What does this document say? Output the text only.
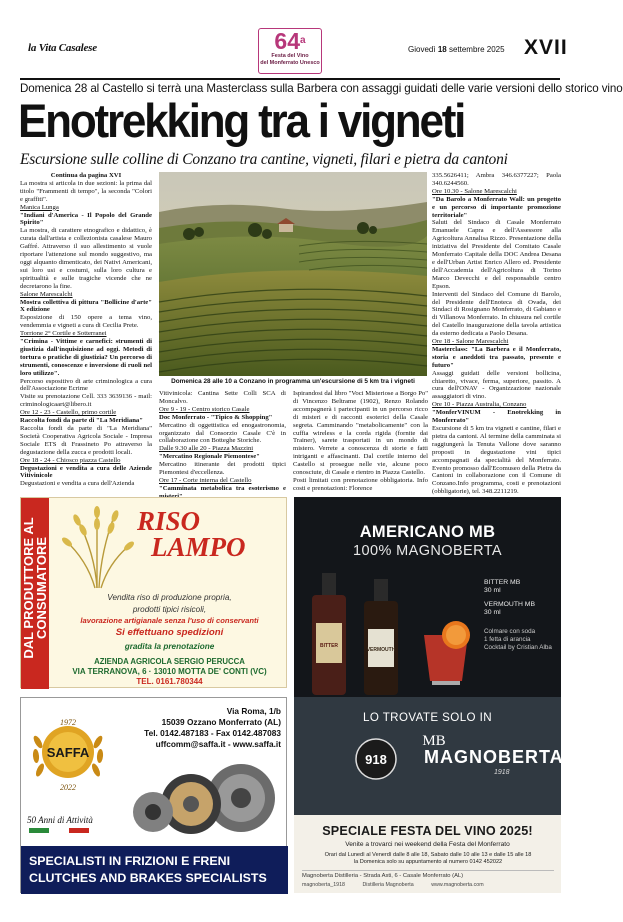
la Vita Casalese	64$^a$
Festa del Vino
del Monferrato Unesco
Giovedì 18 settembre 2025 XVII
Domenica 28 al Castello si terrà una Masterclass sulla Barbera con assaggi guidati delle varie versioni dello storico vino
Enotrekking tra i vigneti
Escursione sulle colline di Conzano tra cantine, vigneti, filari e pietra da cantoni

Continua da pagina XVI

La mostra si articola in due sezioni: la prima dal titolo "Frammenti di tempo", la seconda "Colori e graffiti".

Manica Lunga

"Indiani d'America - Il Popolo del Grande Spirito"

La mostra, di carattere etnografico e didattico, è curata dall'artista e collezionista casalese Mauro Gaffré. Attraverso il suo allestimento si vuole riportare l'attenzione sul mondo suggestivo, ma oggi alquanto dimenticato, dei Nativi Americani, sui loro usi e costumi, sulla loro cultura e spiritualità e sulle tragiche vicende che ne decretarono la fine.

Salone Marescalchi

Mostra collettiva di pittura "Bollicine d'arte" X edizione

Esposizione di 150 opere a tema vino, vendemmia e vigneti a cura di Cecilia Prete.

Torrione 2° Cortile e Sotterranei

"Crimina - Vittime e carnefici: strumenti di giustizia dall'inquisizione ad oggi. Metodi di tortura o pratiche di giustizia? Un percorso di strumenti, conoscenze e inversione di ruoli nel loro utilizzo".

Percorso espositivo di arte criminologica a cura dell'Associazione Ecrime

Visite su prenotazione Cell. 333 3639136 - mail: criminologicaart@libero.it

Ore 12 - 23 - Castello, primo cortile

Raccolta fondi da parte di "La Meridiana"

Raccolta fondi da parte di "La Meridiana" Società Cooperativa Agricola Sociale - Impresa Sociale ETS di Frassineto Po attraverso la degustazione della zucca e prodotti locali.

Ore 18 - 24 - Chiosco piazza Castello

Degustazioni e vendita a cura delle Aziende Vitivinicole

Degustazioni e vendita a cura dell'Azienda

Domenica 28 alle 10 a Conzano in programma un'escursione di 5 km tra i vigneti

Vitivinicola: Cantina Sette Colli SCA di Moncalvo.

Ore 9 - 19 - Centro storico Casale

Doc Monferrato - "Tipico & Shopping"

Mercatino di oggettistica ed enogastronomia, organizzato dal Consorzio Casale C'è in collaborazione con Botteghe Storiche.

Dalle 9.30 alle 20 - Piazza Mazzini

"Mercatino Regionale Piemontese"

Mercatino itinerante dei prodotti tipici Piemontesi d'eccellenza.

Ore 17 - Corte interna del Castello

"Camminata metabolica tra esoterismo e

Ispirandosi dal libro "Voci Misteriose a Borgo Po" di Vincenzo Beltrame (1902), Renzo Rolando accompagnerà i partecipanti in un percorso ricco di misteri e di racconti esoterici della Casale segreta. Camminando "metabolicamente" con la cuffia wireless e la corda rigida (fornite dai Trainer), sarete trasportati in un mondo di mistero. Verrete a conoscenza di storie e fatti intriganti e affascinanti. Dal cortile interno del Castello si prosegue nelle vie, alcune poco conosciute, di Casale e rientro in Piazza Castello.

Posti limitati con prenotazione obbligatoria. Info costi e prenotazioni: Florence

335.5626411; Ambra 346.6377227; Paola 340.6244560.

Ore 10.30 - Salone Marescalchi

"Da Barolo a Monferrato Wall: un progetto e un percorso di importante promozione territoriale"

Saluti del Sindaco di Casale Monferrato Emanuele Capra e dell'Assessore alla Agricoltura Annalisa Rizzo. Presentazione della iniziativa del Presidente del Comitato Casale Monferrato Capitale della DOC Andrea Desana e dell'Urban Artist Enrico Allero ed. Presidente dell'Accademia dell'Agricoltura di Torino Marco Devecchi e del responsabile centro Epson.

Interventi del Sindaco del Comune di Barolo, del Presidente dell'Enoteca di Ovada, dei Sindaci di Rosignano Monferrato, di Gabiano e di Villanova Monferrato. In chiusura nel cortile del Castello inaugurazione della tavola artistica da esterno dedicata a Paolo Desana.

Ore 18 - Salone Marescalchi

Masterclass: "La Barbera e il Monferrato, storia e aneddoti tra passato, presente e futuro"

Assaggi guidati delle versioni bollicina, chiaretto, vivace, ferma, superiore, passito. A cura dell'ONAV - Organizzazione nazionale assaggiatori di vino.

Ore 10 - Piazza Australia, Conzano

"MonferVINUM - Enotrekking in Monferrato"

Escursione di 5 km tra vigneti e cantine, filari e pietra da cantoni. Al termine della camminata si raggiungerà la Tenuta Vallone dove saranno proposti in degustazione vini tipici accompagnati da specialità del Monferrato. Evento promosso dall'Ecomuseo della Pietra da Cantoni in collaborazione con il Comune di Conzano.Info programma, costi e prenotazioni (obbligatorie), tel. 348.2211219.

DAL PRODUTTORE AL CONSUMATORE
RISO
LAMPO
Vendita riso di produzione propria,
prodotti tipici risicoli,
lavorazione artigianale senza l'uso di conservanti
Si effettuano spedizioni
gradita la prenotazione
AZIENDA AGRICOLA SERGIO PERUCCA
VIA TERRANOVA, 6 · 13010 MOTTA DE' CONTI (VC)
TEL. 0161.780344
1972
SAFFA
2022
Via Roma, 1/b
15039 Ozzano Monferrato (AL)
Tel. 0142.487183 - Fax 0142.487083
uffcomm@saffa.it - www.saffa.it
50 Anni di Attività
SPECIALISTI IN FRIZIONI E FRENI
CLUTCHES AND BRAKES SPECIALISTS
AMERICANO MB
100% MAGNOBERTA
BITTER
VERMOUTH
BITTER MB
30 ml
VERMOUTH MB
30 ml
Colmare con soda
1 fetta di arancia
Cocktail by Cristian Alba
LO TROVATE SOLO IN
918
MB
MAGNOBERTA
1918
SPECIALE FESTA DEL VINO 2025!
Venite a trovarci nei weekend della Festa del Monferrato
Orari dal Lunedì al Venerdì dalle 8 alle 18, Sabato dalle 10 alle 13 e dalle 15 alle 18
la Domenica solo su appuntamento al numero 0142 452022
Magnoberta Distilleria - Strada Asti, 6 - Casale Monferrato (AL)
magnoberta_1918	Distilleria Magnoberta	www.magnoberta.com
